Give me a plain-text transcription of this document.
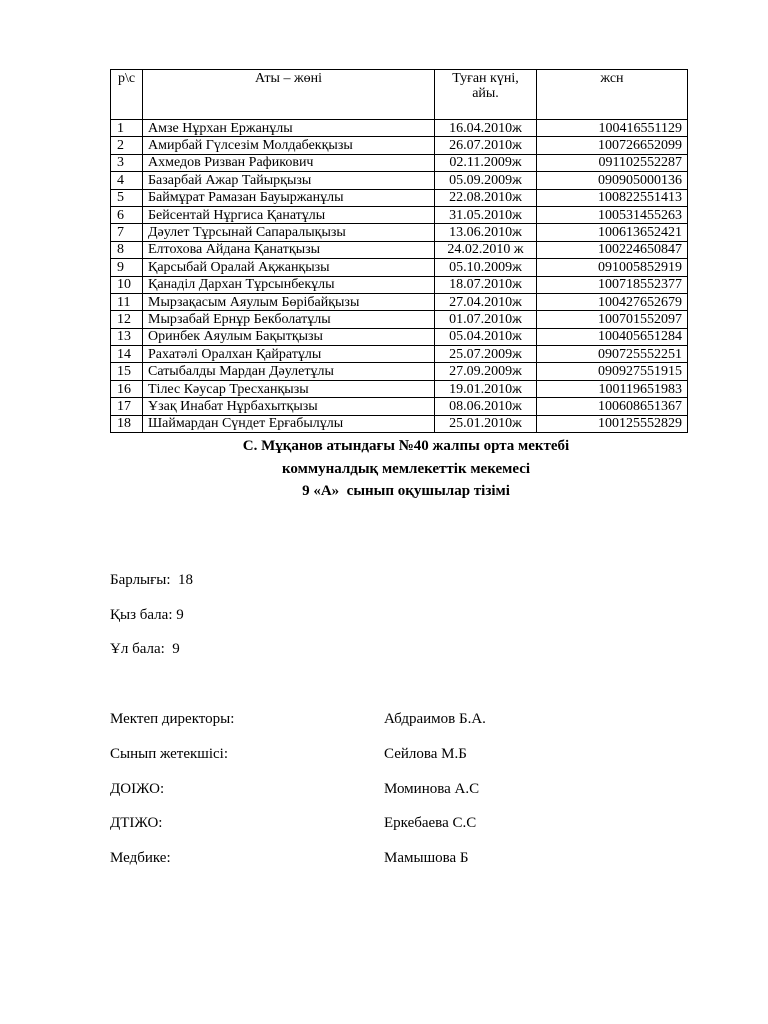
р\с	Аты – жөні	Туған күні, айы.	жсн
1	Амзе Нұрхан Ержанұлы	16.04.2010ж	100416551129
2	Амирбай Гүлсезім Молдабекқызы	26.07.2010ж	100726652099
3	Ахмедов Ризван Рафикович	02.11.2009ж	091102552287
4	Базарбай Ажар Тайырқызы	05.09.2009ж	090905000136
5	Баймұрат Рамазан Бауыржанұлы	22.08.2010ж	100822551413
6	Бейсентай Нұргиса Қанатұлы	31.05.2010ж	100531455263
7	Дәулет Тұрсынай Сапаралықызы	13.06.2010ж	100613652421
8	Елтохова Айдана Қанатқызы	24.02.2010 ж	100224650847
9	Қарсыбай Оралай Ақжанқызы	05.10.2009ж	091005852919
10	Қанаділ Дархан Тұрсынбекұлы	18.07.2010ж	100718552377
11	Мырзақасым Аяулым Бөрібайқызы	27.04.2010ж	100427652679
12	Мырзабай Ернұр Бекболатұлы	01.07.2010ж	100701552097
13	Оринбек Аяулым Бақытқызы	05.04.2010ж	100405651284
14	Рахатәлі Оралхан Қайратұлы	25.07.2009ж	090725552251
15	Сатыбалды Мардан Дәулетұлы	27.09.2009ж	090927551915
16	Тілес Кәусар Тресханқызы	19.01.2010ж	100119651983
17	Ұзақ Инабат Нұрбахытқызы	08.06.2010ж	100608651367
18	Шаймардан Сүндет Ерғабылұлы	25.01.2010ж	100125552829
С. Мұқанов атындағы №40 жалпы орта мектебі
коммуналдық мемлекеттік мекемесі
9 «А»  сынып оқушылар тізімі
Барлығы:  18
Қыз бала: 9
Ұл бала:  9
Мектеп директоры:	Абдраимов Б.А.
Сынып жетекшісі:	Сейлова М.Б
ДОІЖО:	Моминова А.С
ДТІЖО:	Еркебаева С.С
Медбике:	Мамышова Б
